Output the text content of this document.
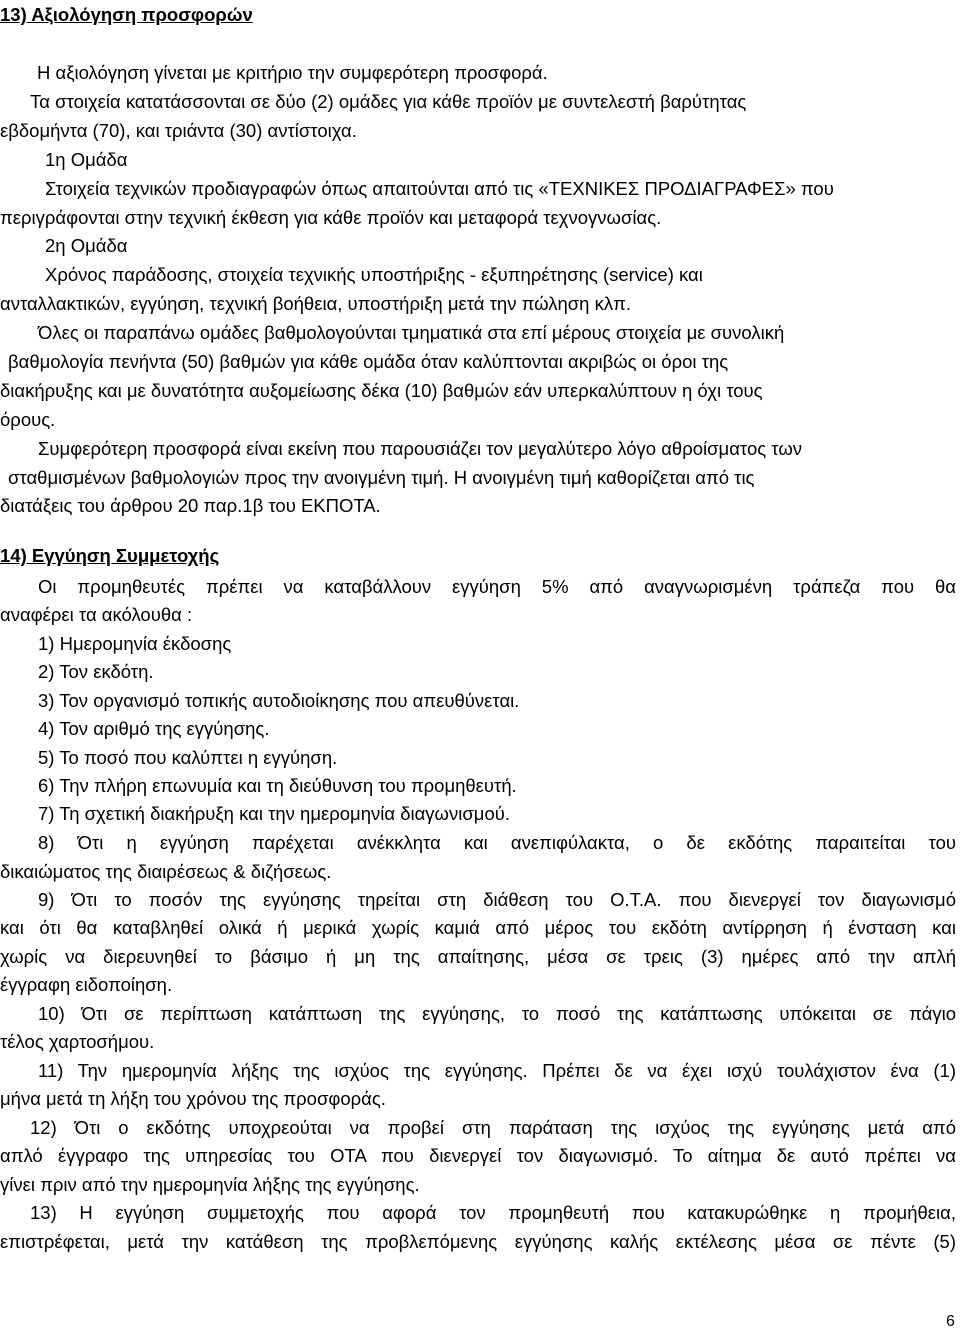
13) Αξιολόγηση προσφορών
Η αξιολόγηση γίνεται με κριτήριο την συμφερότερη προσφορά.
Τα στοιχεία κατατάσσονται σε δύο (2) ομάδες για κάθε προϊόν με συντελεστή βαρύτητας
εβδομήντα (70), και τριάντα (30) αντίστοιχα.
1η Ομάδα
Στοιχεία τεχνικών προδιαγραφών όπως απαιτούνται από τις «ΤΕΧΝΙΚΕΣ ΠΡΟΔΙΑΓΡΑΦΕΣ» που
περιγράφονται στην τεχνική έκθεση για κάθε προϊόν και μεταφορά τεχνογνωσίας.
2η Ομάδα
Χρόνος παράδοσης, στοιχεία τεχνικής υποστήριξης - εξυπηρέτησης (service) και
ανταλλακτικών, εγγύηση, τεχνική βοήθεια, υποστήριξη μετά την πώληση κλπ.
Όλες οι παραπάνω ομάδες βαθμολογούνται τμηματικά στα επί μέρους στοιχεία με συνολική
βαθμολογία πενήντα (50) βαθμών για κάθε ομάδα όταν καλύπτονται ακριβώς οι όροι της
διακήρυξης και με δυνατότητα αυξομείωσης δέκα (10) βαθμών εάν υπερκαλύπτουν η όχι τους
όρους.
Συμφερότερη προσφορά είναι εκείνη που παρουσιάζει τον μεγαλύτερο λόγο αθροίσματος των
σταθμισμένων βαθμολογιών προς την ανοιγμένη τιμή. Η ανοιγμένη τιμή καθορίζεται από τις
διατάξεις του άρθρου 20 παρ.1β του ΕΚΠΟΤΑ.
14) Εγγύηση Συμμετοχής
Οι προμηθευτές πρέπει να καταβάλλουν εγγύηση 5% από αναγνωρισμένη τράπεζα που θα
αναφέρει τα ακόλουθα :
1) Ημερομηνία έκδοσης
2) Τον εκδότη.
3) Τον οργανισμό τοπικής αυτοδιοίκησης που απευθύνεται.
4) Τον αριθμό της εγγύησης.
5) Το ποσό που καλύπτει η εγγύηση.
6) Την πλήρη επωνυμία και τη διεύθυνση του προμηθευτή.
7) Τη σχετική διακήρυξη και την ημερομηνία διαγωνισμού.
8) Ότι η εγγύηση παρέχεται ανέκκλητα και ανεπιφύλακτα, ο δε εκδότης παραιτείται του
δικαιώματος της διαιρέσεως & διζήσεως.
9) Ότι το ποσόν της εγγύησης τηρείται στη διάθεση του Ο.Τ.Α. που διενεργεί τον διαγωνισμό
και ότι θα καταβληθεί ολικά ή μερικά χωρίς καμιά από μέρος του εκδότη αντίρρηση ή ένσταση και
χωρίς να διερευνηθεί το βάσιμο ή μη της απαίτησης, μέσα σε τρεις (3) ημέρες από την απλή
έγγραφη ειδοποίηση.
10) Ότι σε περίπτωση κατάπτωση της εγγύησης, το ποσό της κατάπτωσης υπόκειται σε πάγιο
τέλος χαρτοσήμου.
11) Την ημερομηνία λήξης της ισχύος της εγγύησης. Πρέπει δε να έχει ισχύ τουλάχιστον ένα (1)
μήνα μετά τη λήξη του χρόνου της προσφοράς.
12) Ότι ο εκδότης υποχρεούται να προβεί στη παράταση της ισχύος της εγγύησης μετά από
απλό έγγραφο της υπηρεσίας του ΟΤΑ που διενεργεί τον διαγωνισμό. Το αίτημα δε αυτό πρέπει να
γίνει πριν από την ημερομηνία λήξης της εγγύησης.
13) Η εγγύηση συμμετοχής που αφορά τον προμηθευτή που κατακυρώθηκε η προμήθεια,
επιστρέφεται, μετά την κατάθεση της προβλεπόμενης εγγύησης καλής εκτέλεσης μέσα σε πέντε (5)
6
